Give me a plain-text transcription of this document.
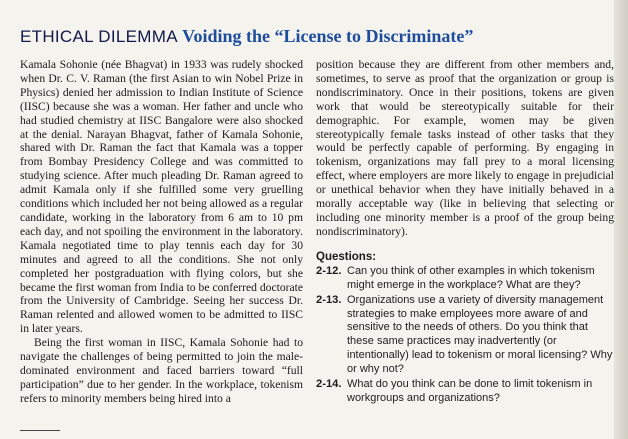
ETHICAL DILEMMA Voiding the “License to Discriminate”

Kamala Sohonie (née Bhagvat) in 1933 was rudely shocked when Dr. C. V. Raman (the first Asian to win Nobel Prize in Physics) denied her admission to Indian Institute of Science (IISC) because she was a woman. Her father and uncle who had studied chemistry at IISC Bangalore were also shocked at the denial. Narayan Bhagvat, father of Kamala Sohonie, shared with Dr. Raman the fact that Kamala was a topper from Bombay Presidency College and was committed to studying science. After much pleading Dr. Raman agreed to admit Kamala only if she fulfilled some very gruelling conditions which included her not being allowed as a regular candidate, working in the laboratory from 6 am to 10 pm each day, and not spoiling the environment in the laboratory. Kamala negotiated time to play tennis each day for 30 minutes and agreed to all the conditions. She not only completed her postgraduation with flying colors, but she became the first woman from India to be conferred doctorate from the University of Cambridge. Seeing her success Dr. Raman relented and allowed women to be admitted to IISC in later years.

Being the first woman in IISC, Kamala Sohonie had to navigate the challenges of being permitted to join the male-dominated environment and faced barriers toward “full participation” due to her gender. In the workplace, tokenism refers to minority members being hired into a

position because they are different from other members and, sometimes, to serve as proof that the organization or group is nondiscriminatory. Once in their positions, tokens are given work that would be stereotypically suitable for their demographic. For example, women may be given stereotypically female tasks instead of other tasks that they would be perfectly capable of performing. By engaging in tokenism, organizations may fall prey to a moral licensing effect, where employers are more likely to engage in prejudicial or unethical behavior when they have initially behaved in a morally acceptable way (like in believing that selecting or including one minority member is a proof of the group being nondiscriminatory).

Questions:
2-12. Can you think of other examples in which tokenism might emerge in the workplace? What are they?
2-13. Organizations use a variety of diversity management strategies to make employees more aware of and sensitive to the needs of others. Do you think that these same practices may inadvertently (or intentionally) lead to tokenism or moral licensing? Why or why not?
2-14. What do you think can be done to limit tokenism in workgroups and organizations?
